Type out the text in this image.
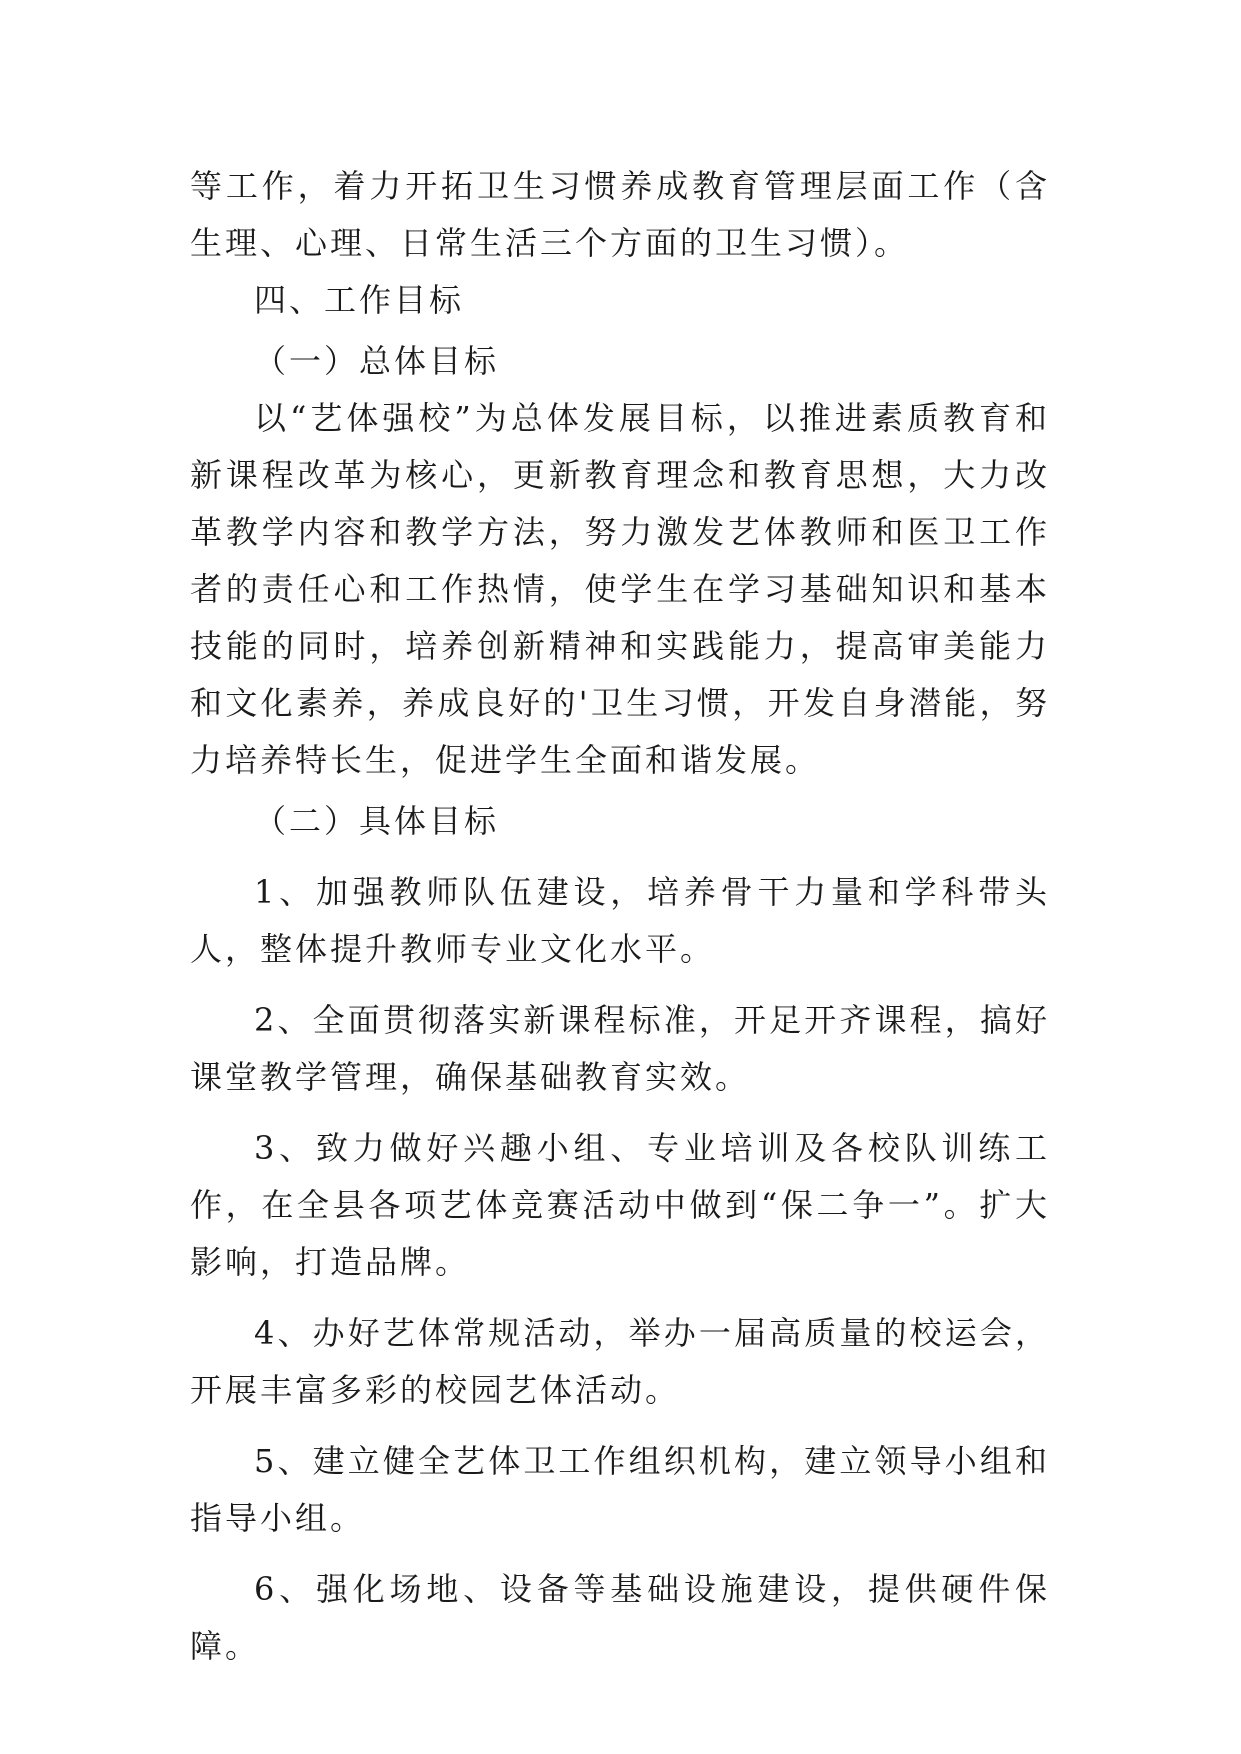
等工作，着力开拓卫生习惯养成教育管理层面工作（含生理、心理、日常生活三个方面的卫生习惯）。

四、工作目标

（一）总体目标

以“艺体强校”为总体发展目标，以推进素质教育和新课程改革为核心，更新教育理念和教育思想，大力改革教学内容和教学方法，努力激发艺体教师和医卫工作者的责任心和工作热情，使学生在学习基础知识和基本技能的同时，培养创新精神和实践能力，提高审美能力和文化素养，养成良好的'卫生习惯，开发自身潜能，努力培养特长生，促进学生全面和谐发展。

（二）具体目标

1、加强教师队伍建设，培养骨干力量和学科带头人，整体提升教师专业文化水平。

2、全面贯彻落实新课程标准，开足开齐课程，搞好课堂教学管理，确保基础教育实效。

3、致力做好兴趣小组、专业培训及各校队训练工作，在全县各项艺体竞赛活动中做到“保二争一”。扩大影响，打造品牌。

4、办好艺体常规活动，举办一届高质量的校运会，开展丰富多彩的校园艺体活动。

5、建立健全艺体卫工作组织机构，建立领导小组和指导小组。

6、强化场地、设备等基础设施建设，提供硬件保障。
